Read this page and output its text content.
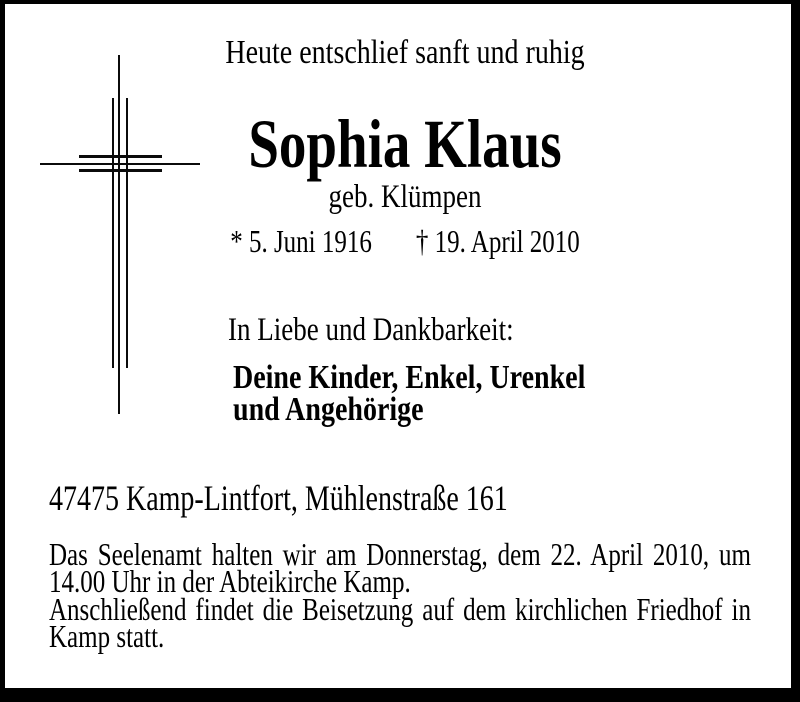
Heute entschlief sanft und ruhig
Sophia Klaus
geb. Klümpen
* 5. Juni 1916 † 19. April 2010
In Liebe und Dankbarkeit:
Deine Kinder, Enkel, Urenkel
und Angehörige
47475 Kamp-Lintfort, Mühlenstraße 161
Das Seelenamt halten wir am Donnerstag, dem 22. April 2010, um
14.00 Uhr in der Abteikirche Kamp.
Anschließend findet die Beisetzung auf dem kirchlichen Friedhof in
Kamp statt.
